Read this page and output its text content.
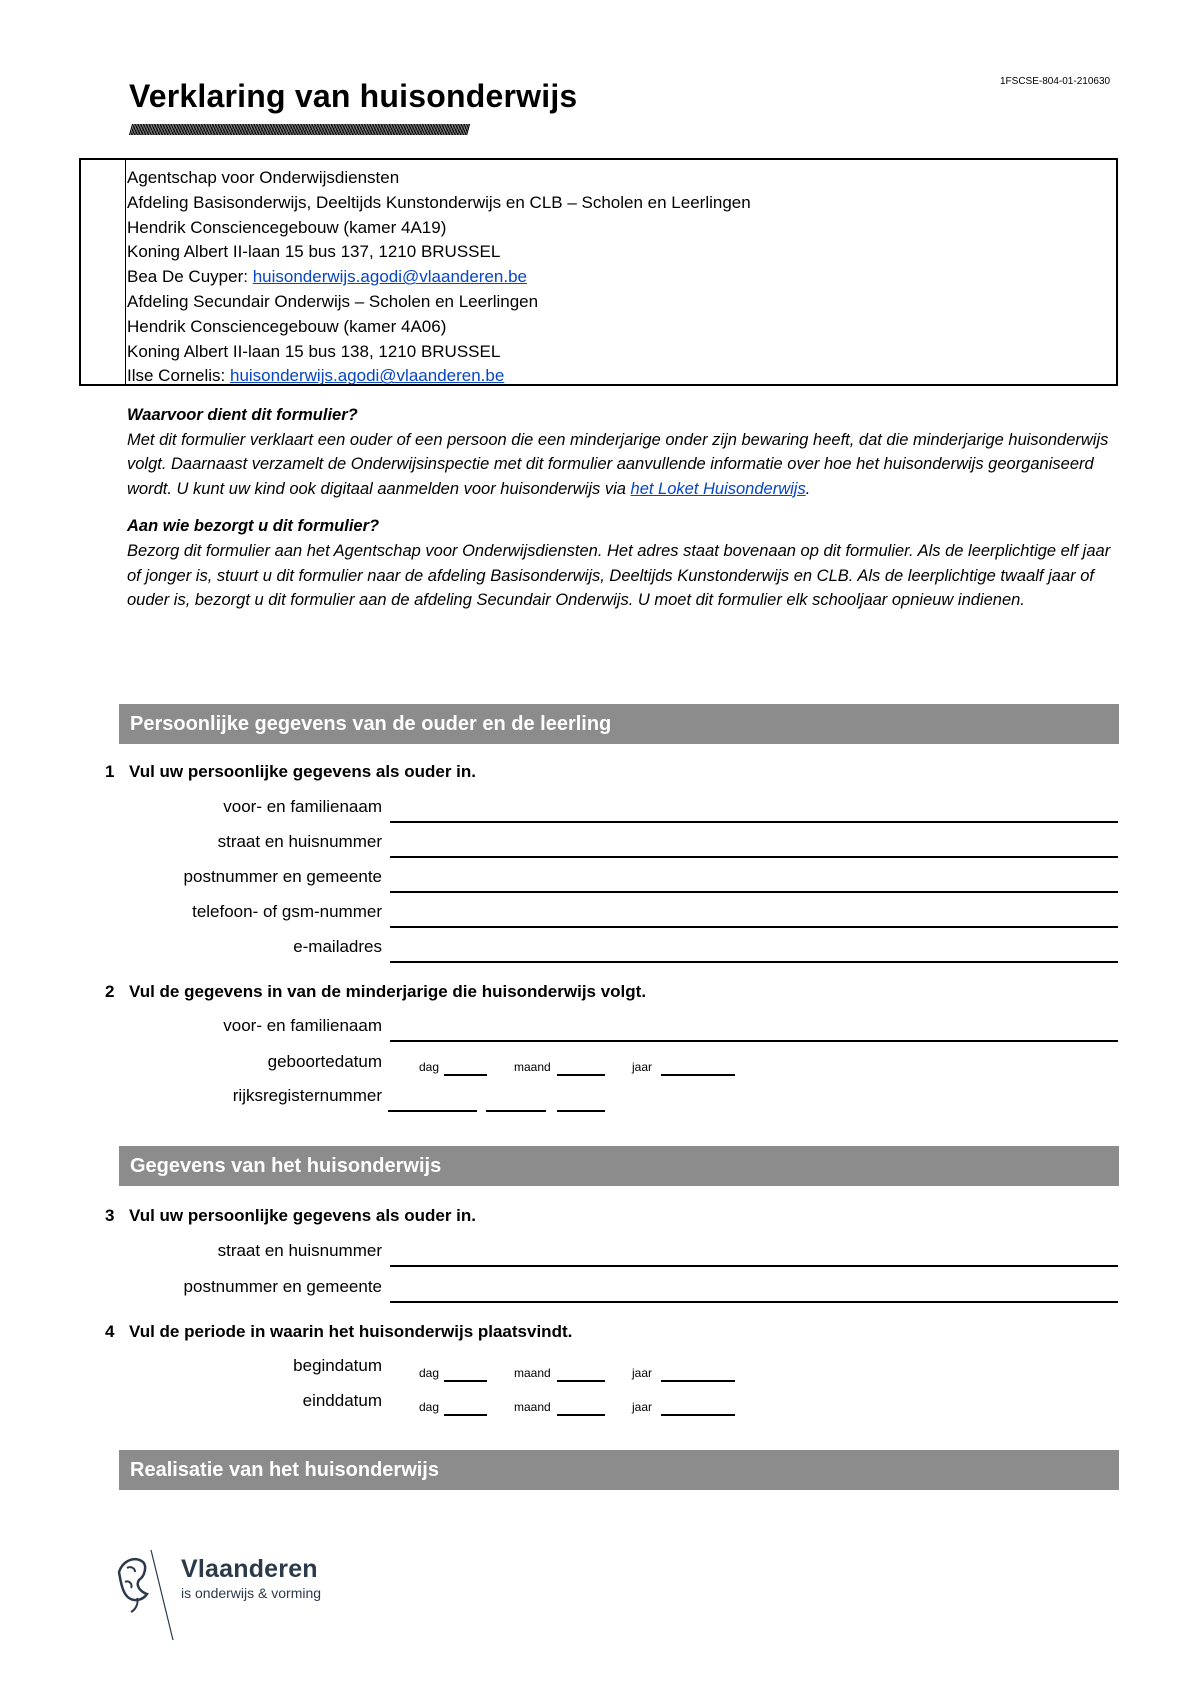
Verklaring van huisonderwijs	1FSCSE-804-01-210630
////////////////////////////////////////////////////////////////////////////////////////////////////////////////////////////////////////////////////////////////////////////////////////////////////////////////////////
Agentschap voor Onderwijsdiensten
Afdeling Basisonderwijs, Deeltijds Kunstonderwijs en CLB – Scholen en Leerlingen
Hendrik Consciencegebouw (kamer 4A19)
Koning Albert II-laan 15 bus 137, 1210 BRUSSEL
Bea De Cuyper: huisonderwijs.agodi@vlaanderen.be
Afdeling Secundair Onderwijs – Scholen en Leerlingen
Hendrik Consciencegebouw (kamer 4A06)
Koning Albert II-laan 15 bus 138, 1210 BRUSSEL
Ilse Cornelis: huisonderwijs.agodi@vlaanderen.be

Waarvoor dient dit formulier?
Met dit formulier verklaart een ouder of een persoon die een minderjarige onder zijn bewaring heeft, dat die minderjarige huisonderwijs volgt. Daarnaast verzamelt de Onderwijsinspectie met dit formulier aanvullende informatie over hoe het huisonderwijs georganiseerd wordt. U kunt uw kind ook digitaal aanmelden voor huisonderwijs via het Loket Huisonderwijs.

Aan wie bezorgt u dit formulier?
Bezorg dit formulier aan het Agentschap voor Onderwijsdiensten. Het adres staat bovenaan op dit formulier. Als de leerplichtige elf jaar of jonger is, stuurt u dit formulier naar de afdeling Basisonderwijs, Deeltijds Kunstonderwijs en CLB. Als de leerplichtige twaalf jaar of ouder is, bezorgt u dit formulier aan de afdeling Secundair Onderwijs. U moet dit formulier elk schooljaar opnieuw indienen.

Persoonlijke gegevens van de ouder en de leerling
1 Vul uw persoonlijke gegevens als ouder in.
voor- en familienaam
straat en huisnummer
postnummer en gemeente
telefoon- of gsm-nummer
e-mailadres
2 Vul de gegevens in van de minderjarige die huisonderwijs volgt.
voor- en familienaam
geboortedatum	dag	maand	jaar
rijksregisternummer
Gegevens van het huisonderwijs
3 Vul uw persoonlijke gegevens als ouder in.
straat en huisnummer
postnummer en gemeente
4 Vul de periode in waarin het huisonderwijs plaatsvindt.
begindatum	dag	maand	jaar
einddatum	dag	maand	jaar
Realisatie van het huisonderwijs
Vlaanderen
is onderwijs & vorming
